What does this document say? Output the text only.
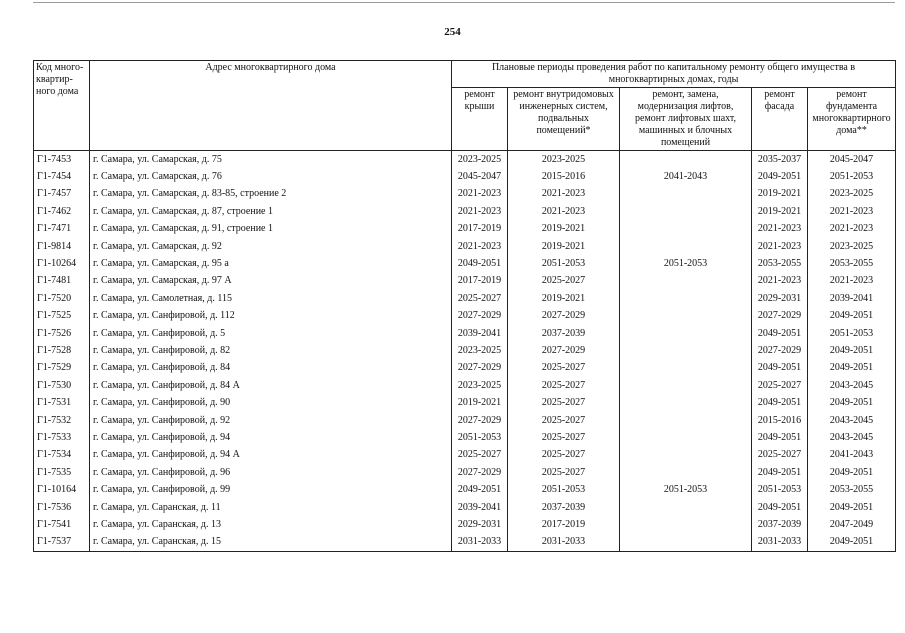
254
Код много-квартир-ного дома	Адрес многоквартирного дома	Плановые периоды проведения работ по капитальному ремонту общего имущества в многоквартирных домах, годы				
		ремонт крыши	ремонт внутридомовых инженерных систем, подвальных помещений*	ремонт, замена, модернизация лифтов, ремонт лифтовых шахт, машинных и блочных помещений	ремонт фасада	ремонт фундамента многоквартирного дома**
Г1-7453	г. Самара, ул. Самарская, д. 75	2023-2025	2023-2025		2035-2037	2045-2047
Г1-7454	г. Самара, ул. Самарская, д. 76	2045-2047	2015-2016	2041-2043	2049-2051	2051-2053
Г1-7457	г. Самара, ул. Самарская, д. 83-85, строение 2	2021-2023	2021-2023		2019-2021	2023-2025
Г1-7462	г. Самара, ул. Самарская, д. 87, строение 1	2021-2023	2021-2023		2019-2021	2021-2023
Г1-7471	г. Самара, ул. Самарская, д. 91, строение 1	2017-2019	2019-2021		2021-2023	2021-2023
Г1-9814	г. Самара, ул. Самарская, д. 92	2021-2023	2019-2021		2021-2023	2023-2025
Г1-10264	г. Самара, ул. Самарская, д. 95 а	2049-2051	2051-2053	2051-2053	2053-2055	2053-2055
Г1-7481	г. Самара, ул. Самарская, д. 97 А	2017-2019	2025-2027		2021-2023	2021-2023
Г1-7520	г. Самара, ул. Самолетная, д. 115	2025-2027	2019-2021		2029-2031	2039-2041
Г1-7525	г. Самара, ул. Санфировой, д. 112	2027-2029	2027-2029		2027-2029	2049-2051
Г1-7526	г. Самара, ул. Санфировой, д. 5	2039-2041	2037-2039		2049-2051	2051-2053
Г1-7528	г. Самара, ул. Санфировой, д. 82	2023-2025	2027-2029		2027-2029	2049-2051
Г1-7529	г. Самара, ул. Санфировой, д. 84	2027-2029	2025-2027		2049-2051	2049-2051
Г1-7530	г. Самара, ул. Санфировой, д. 84 А	2023-2025	2025-2027		2025-2027	2043-2045
Г1-7531	г. Самара, ул. Санфировой, д. 90	2019-2021	2025-2027		2049-2051	2049-2051
Г1-7532	г. Самара, ул. Санфировой, д. 92	2027-2029	2025-2027		2015-2016	2043-2045
Г1-7533	г. Самара, ул. Санфировой, д. 94	2051-2053	2025-2027		2049-2051	2043-2045
Г1-7534	г. Самара, ул. Санфировой, д. 94 А	2025-2027	2025-2027		2025-2027	2041-2043
Г1-7535	г. Самара, ул. Санфировой, д. 96	2027-2029	2025-2027		2049-2051	2049-2051
Г1-10164	г. Самара, ул. Санфировой, д. 99	2049-2051	2051-2053	2051-2053	2051-2053	2053-2055
Г1-7536	г. Самара, ул. Саранская, д. 11	2039-2041	2037-2039		2049-2051	2049-2051
Г1-7541	г. Самара, ул. Саранская, д. 13	2029-2031	2017-2019		2037-2039	2047-2049
Г1-7537	г. Самара, ул. Саранская, д. 15	2031-2033	2031-2033		2031-2033	2049-2051
